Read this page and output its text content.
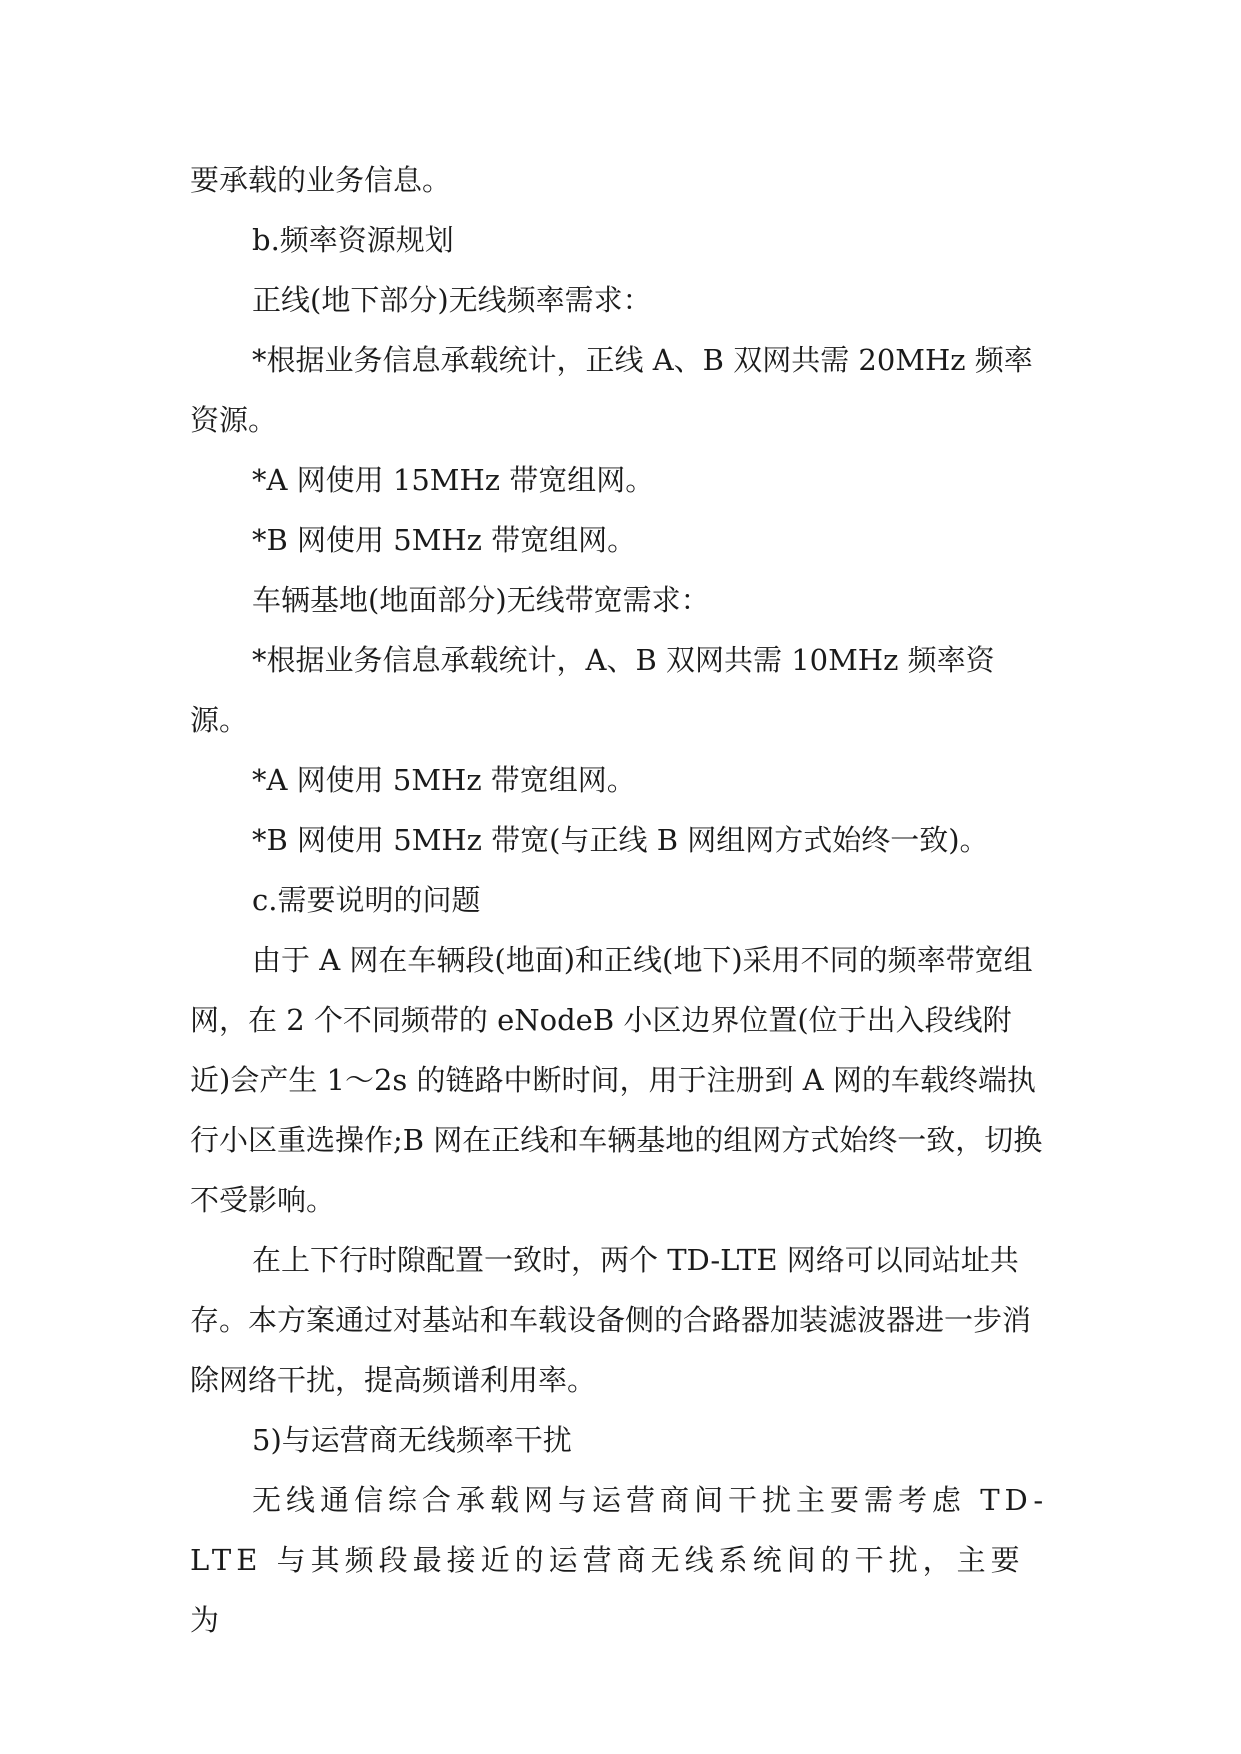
要承载的业务信息。

b.频率资源规划

正线(地下部分)无线频率需求：

*根据业务信息承载统计，正线 A、B 双网共需 20MHz 频率资源。

*A 网使用 15MHz 带宽组网。

*B 网使用 5MHz 带宽组网。

车辆基地(地面部分)无线带宽需求：

*根据业务信息承载统计，A、B 双网共需 10MHz 频率资源。

*A 网使用 5MHz 带宽组网。

*B 网使用 5MHz 带宽(与正线 B 网组网方式始终一致)。

c.需要说明的问题

由于 A 网在车辆段(地面)和正线(地下)采用不同的频率带宽组网，在 2 个不同频带的 eNodeB 小区边界位置(位于出入段线附近)会产生 1～2s 的链路中断时间，用于注册到 A 网的车载终端执行小区重选操作;B 网在正线和车辆基地的组网方式始终一致，切换不受影响。

在上下行时隙配置一致时，两个 TD-LTE 网络可以同站址共存。本方案通过对基站和车载设备侧的合路器加装滤波器进一步消除网络干扰，提高频谱利用率。

5)与运营商无线频率干扰

无线通信综合承载网与运营商间干扰主要需考虑 TD-LTE 与其频段最接近的运营商无线系统间的干扰，主要为
